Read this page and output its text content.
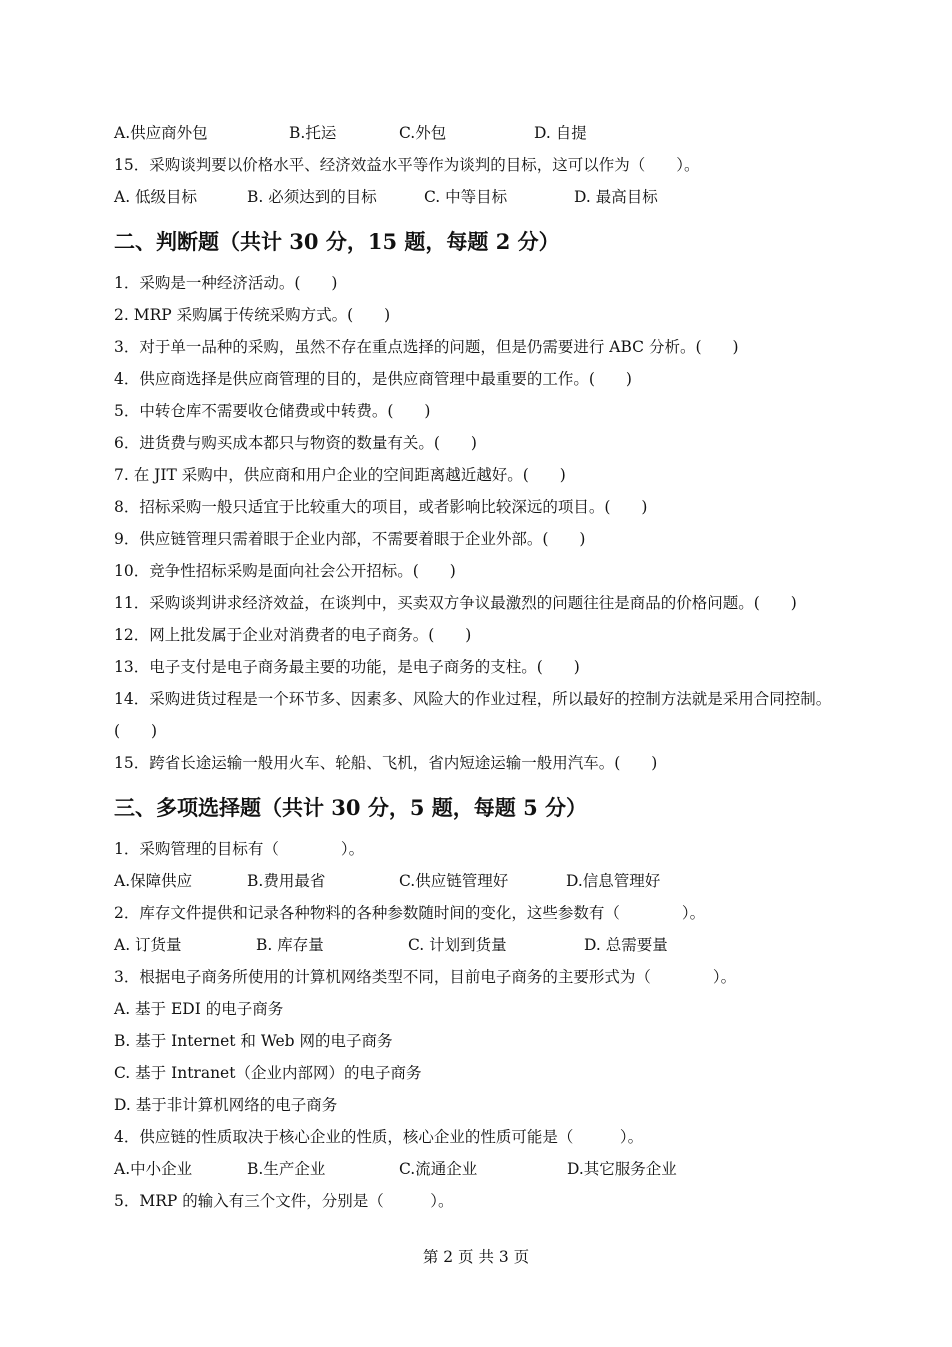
A.供应商外包	B.托运	C.外包	D. 自提
15．采购谈判要以价格水平、经济效益水平等作为谈判的目标，这可以作为（　　）。
A. 低级目标	B. 必须达到的目标	C. 中等目标	D. 最高目标
二、判断题（共计 30 分，15 题，每题 2 分）
1．采购是一种经济活动。(　　)
2. MRP 采购属于传统采购方式。(　　)
3．对于单一品种的采购，虽然不存在重点选择的问题，但是仍需要进行 ABC 分析。(　　)
4．供应商选择是供应商管理的目的，是供应商管理中最重要的工作。(　　)
5．中转仓库不需要收仓储费或中转费。(　　)
6．进货费与购买成本都只与物资的数量有关。(　　)
7. 在 JIT 采购中，供应商和用户企业的空间距离越近越好。(　　)
8．招标采购一般只适宜于比较重大的项目，或者影响比较深远的项目。(　　)
9．供应链管理只需着眼于企业内部，不需要着眼于企业外部。(　　)
10．竞争性招标采购是面向社会公开招标。(　　)
11．采购谈判讲求经济效益，在谈判中，买卖双方争议最激烈的问题往往是商品的价格问题。(　　)
12．网上批发属于企业对消费者的电子商务。(　　)
13．电子支付是电子商务最主要的功能，是电子商务的支柱。(　　)
14．采购进货过程是一个环节多、因素多、风险大的作业过程，所以最好的控制方法就是采用合同控制。(　　)
15．跨省长途运输一般用火车、轮船、飞机，省内短途运输一般用汽车。(　　)
三、多项选择题（共计 30 分，5 题，每题 5 分）
1．采购管理的目标有（　　　　）。
A.保障供应	B.费用最省	C.供应链管理好	D.信息管理好
2．库存文件提供和记录各种物料的各种参数随时间的变化，这些参数有（　　　　）。
A. 订货量	B. 库存量	C. 计划到货量	D. 总需要量
3．根据电子商务所使用的计算机网络类型不同，目前电子商务的主要形式为（　　　　）。
A. 基于 EDI 的电子商务
B. 基于 Internet 和 Web 网的电子商务
C. 基于 Intranet（企业内部网）的电子商务
D. 基于非计算机网络的电子商务
4．供应链的性质取决于核心企业的性质，核心企业的性质可能是（　　　）。
A.中小企业	B.生产企业	C.流通企业	D.其它服务企业
5．MRP 的输入有三个文件，分别是（　　　）。
第 2 页 共 3 页
